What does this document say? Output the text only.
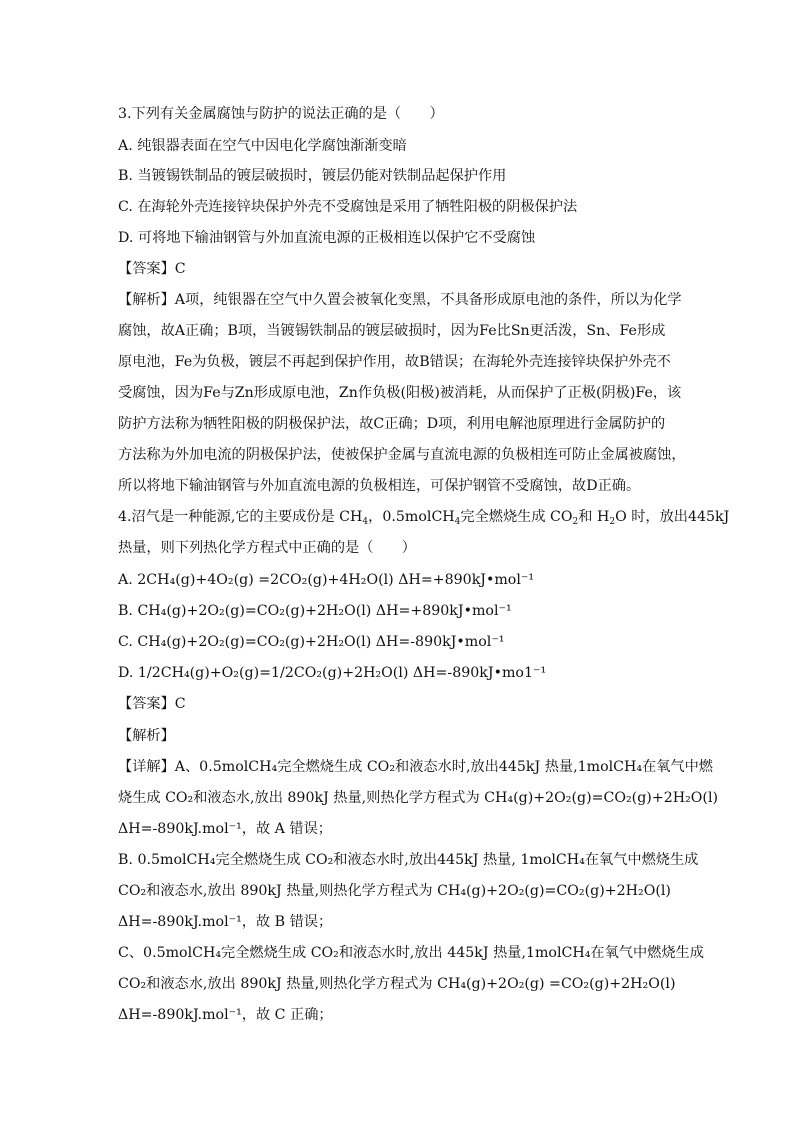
3.下列有关金属腐蚀与防护的说法正确的是（　　）
A. 纯银器表面在空气中因电化学腐蚀渐渐变暗
B. 当镀锡铁制品的镀层破损时，镀层仍能对铁制品起保护作用
C. 在海轮外壳连接锌块保护外壳不受腐蚀是采用了牺牲阳极的阴极保护法
D. 可将地下输油钢管与外加直流电源的正极相连以保护它不受腐蚀
【答案】C
【解析】A项，纯银器在空气中久置会被氧化变黑，不具备形成原电池的条件，所以为化学
腐蚀，故A正确；B项，当镀锡铁制品的镀层破损时，因为Fe比Sn更活泼，Sn、Fe形成
原电池，Fe为负极，镀层不再起到保护作用，故B错误；在海轮外壳连接锌块保护外壳不
受腐蚀，因为Fe与Zn形成原电池，Zn作负极(阳极)被消耗，从而保护了正极(阴极)Fe，该
防护方法称为牺牲阳极的阴极保护法，故C正确；D项，利用电解池原理进行金属防护的
方法称为外加电流的阴极保护法，使被保护金属与直流电源的负极相连可防止金属被腐蚀，
所以将地下输油钢管与外加直流电源的负极相连，可保护钢管不受腐蚀，故D正确。
4.沼气是一种能源,它的主要成份是 $CH_4$，0.5molCH$_4$完全燃烧生成 $CO_2$和 $H_2O$ 时，放出445kJ
热量，则下列热化学方程式中正确的是（　　）
A. 2CH₄(g)+4O₂(g) =2CO₂(g)+4H₂O(l) ΔH=+890kJ•mol⁻¹
B. CH₄(g)+2O₂(g)=CO₂(g)+2H₂O(l) ΔH=+890kJ•mol⁻¹
C. CH₄(g)+2O₂(g)=CO₂(g)+2H₂O(l) ΔH=-890kJ•mol⁻¹
D. 1/2CH₄(g)+O₂(g)=1/2CO₂(g)+2H₂O(l) ΔH=-890kJ•mo1⁻¹
【答案】C
【解析】
【详解】A、0.5molCH₄完全燃烧生成 CO₂和液态水时,放出445kJ 热量,1molCH₄在氧气中燃
烧生成 CO₂和液态水,放出 890kJ 热量,则热化学方程式为 CH₄(g)+2O₂(g)=CO₂(g)+2H₂O(l)
ΔH=-890kJ.mol⁻¹，故 A 错误；
B. 0.5molCH₄完全燃烧生成 CO₂和液态水时,放出445kJ 热量, 1molCH₄在氧气中燃烧生成
CO₂和液态水,放出 890kJ 热量,则热化学方程式为 CH₄(g)+2O₂(g)=CO₂(g)+2H₂O(l)
ΔH=-890kJ.mol⁻¹，故 B 错误；
C、0.5molCH₄完全燃烧生成 CO₂和液态水时,放出 445kJ 热量,1molCH₄在氧气中燃烧生成
CO₂和液态水,放出 890kJ 热量,则热化学方程式为 CH₄(g)+2O₂(g) =CO₂(g)+2H₂O(l)
ΔH=-890kJ.mol⁻¹，故 C 正确；
